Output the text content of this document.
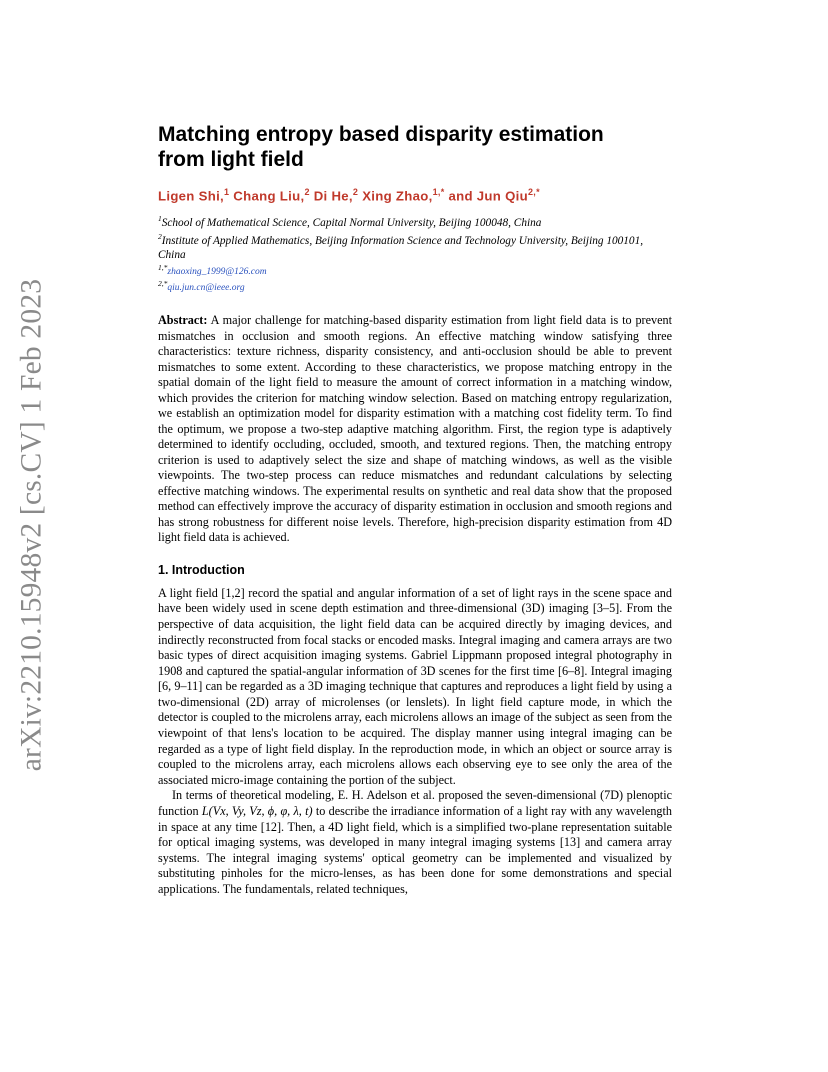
arXiv:2210.15948v2 [cs.CV] 1 Feb 2023
Matching entropy based disparity estimation
from light field
Ligen Shi,$^1$ Chang Liu,$^2$ Di He,$^2$ Xing Zhao,$^{1,*}$ and Jun Qiu$^{2,*}$
$^1$School of Mathematical Science, Capital Normal University, Beijing 100048, China
$^2$Institute of Applied Mathematics, Beijing Information Science and Technology University, Beijing 100101, China
$^{1,*}$zhaoxing_1999@126.com
$^{2,*}$qiu.jun.cn@ieee.org
Abstract: A major challenge for matching-based disparity estimation from light field data is to prevent mismatches in occlusion and smooth regions. An effective matching window satisfying three characteristics: texture richness, disparity consistency, and anti-occlusion should be able to prevent mismatches to some extent. According to these characteristics, we propose matching entropy in the spatial domain of the light field to measure the amount of correct information in a matching window, which provides the criterion for matching window selection. Based on matching entropy regularization, we establish an optimization model for disparity estimation with a matching cost fidelity term. To find the optimum, we propose a two-step adaptive matching algorithm. First, the region type is adaptively determined to identify occluding, occluded, smooth, and textured regions. Then, the matching entropy criterion is used to adaptively select the size and shape of matching windows, as well as the visible viewpoints. The two-step process can reduce mismatches and redundant calculations by selecting effective matching windows. The experimental results on synthetic and real data show that the proposed method can effectively improve the accuracy of disparity estimation in occlusion and smooth regions and has strong robustness for different noise levels. Therefore, high-precision disparity estimation from 4D light field data is achieved.
1. Introduction

A light field [1,2] record the spatial and angular information of a set of light rays in the scene space and have been widely used in scene depth estimation and three-dimensional (3D) imaging [3–5]. From the perspective of data acquisition, the light field data can be acquired directly by imaging devices, and indirectly reconstructed from focal stacks or encoded masks. Integral imaging and camera arrays are two basic types of direct acquisition imaging systems. Gabriel Lippmann proposed integral photography in 1908 and captured the spatial-angular information of 3D scenes for the first time [6–8]. Integral imaging [6, 9–11] can be regarded as a 3D imaging technique that captures and reproduces a light field by using a two-dimensional (2D) array of microlenses (or lenslets). In light field capture mode, in which the detector is coupled to the microlens array, each microlens allows an image of the subject as seen from the viewpoint of that lens's location to be acquired. The display manner using integral imaging can be regarded as a type of light field display. In the reproduction mode, in which an object or source array is coupled to the microlens array, each microlens allows each observing eye to see only the area of the associated micro-image containing the portion of the subject.

In terms of theoretical modeling, E. H. Adelson et al. proposed the seven-dimensional (7D) plenoptic function L(Vx, Vy, Vz, ϕ, φ, λ, t) to describe the irradiance information of a light ray with any wavelength in space at any time [12]. Then, a 4D light field, which is a simplified two-plane representation suitable for optical imaging systems, was developed in many integral imaging systems [13] and camera array systems. The integral imaging systems' optical geometry can be implemented and visualized by substituting pinholes for the micro-lenses, as has been done for some demonstrations and special applications. The fundamentals, related techniques,
